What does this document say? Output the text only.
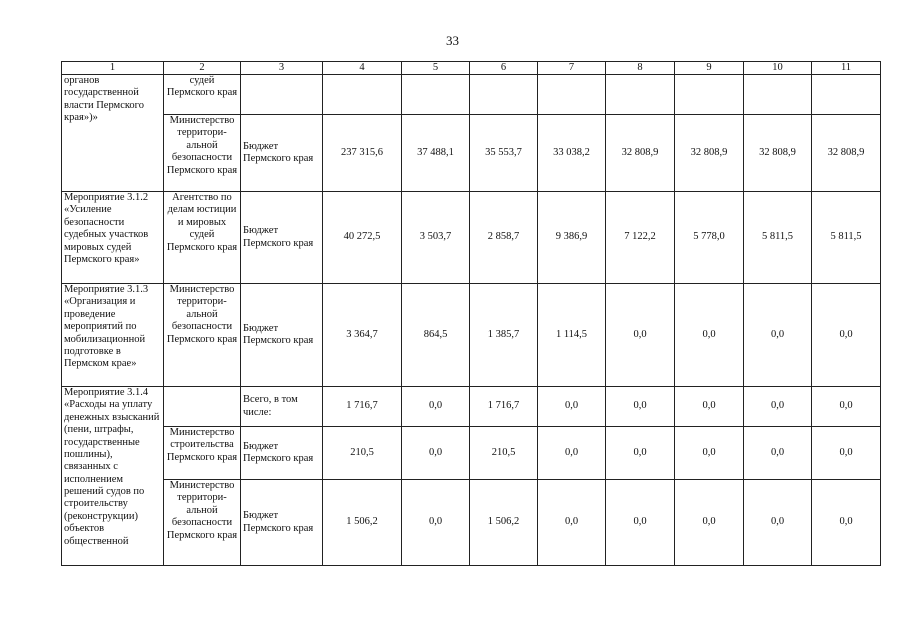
33
1	2	3	4	5	6	7	8	9	10	11
органов государственной власти Пермского края»)»	судей Пермского края									
	Министерство территори-альной безопасности Пермского края	Бюджет Пермского края	237 315,6	37 488,1	35 553,7	33 038,2	32 808,9	32 808,9	32 808,9	32 808,9
Мероприятие 3.1.2 «Усиление безопасности судебных участков мировых судей Пермского края»	Агентство по делам юстиции и мировых судей Пермского края	Бюджет Пермского края	40 272,5	3 503,7	2 858,7	9 386,9	7 122,2	5 778,0	5 811,5	5 811,5
Мероприятие 3.1.3 «Организация и проведение мероприятий по мобилизационной подготовке в Пермском крае»	Министерство территори-альной безопасности Пермского края	Бюджет Пермского края	3 364,7	864,5	1 385,7	1 114,5	0,0	0,0	0,0	0,0
Мероприятие 3.1.4 «Расходы на уплату денежных взысканий (пени, штрафы, государственные пошлины), связанных с исполнением решений судов по строительству (реконструкции) объектов общественной		Всего, в том числе:	1 716,7	0,0	1 716,7	0,0	0,0	0,0	0,0	0,0
	Министерство строительства Пермского края	Бюджет Пермского края	210,5	0,0	210,5	0,0	0,0	0,0	0,0	0,0
	Министерство территори-альной безопасности Пермского края	Бюджет Пермского края	1 506,2	0,0	1 506,2	0,0	0,0	0,0	0,0	0,0
